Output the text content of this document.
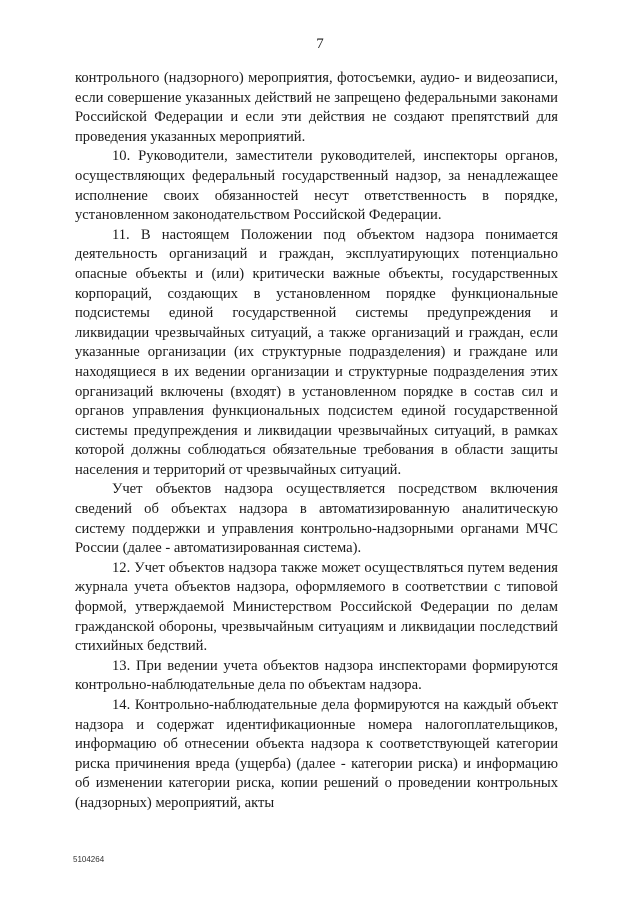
7

контрольного (надзорного) мероприятия, фотосъемки, аудио- и видеозаписи, если совершение указанных действий не запрещено федеральными законами Российской Федерации и если эти действия не создают препятствий для проведения указанных мероприятий.

10. Руководители, заместители руководителей, инспекторы органов, осуществляющих федеральный государственный надзор, за ненадлежащее исполнение своих обязанностей несут ответственность в порядке, установленном законодательством Российской Федерации.

11. В настоящем Положении под объектом надзора понимается деятельность организаций и граждан, эксплуатирующих потенциально опасные объекты и (или) критически важные объекты, государственных корпораций, создающих в установленном порядке функциональные подсистемы единой государственной системы предупреждения и ликвидации чрезвычайных ситуаций, а также организаций и граждан, если указанные организации (их структурные подразделения) и граждане или находящиеся в их ведении организации и структурные подразделения этих организаций включены (входят) в установленном порядке в состав сил и органов управления функциональных подсистем единой государственной системы предупреждения и ликвидации чрезвычайных ситуаций, в рамках которой должны соблюдаться обязательные требования в области защиты населения и территорий от чрезвычайных ситуаций.

Учет объектов надзора осуществляется посредством включения сведений об объектах надзора в автоматизированную аналитическую систему поддержки и управления контрольно-надзорными органами МЧС России (далее - автоматизированная система).

12. Учет объектов надзора также может осуществляться путем ведения журнала учета объектов надзора, оформляемого в соответствии с типовой формой, утверждаемой Министерством Российской Федерации по делам гражданской обороны, чрезвычайным ситуациям и ликвидации последствий стихийных бедствий.

13. При ведении учета объектов надзора инспекторами формируются контрольно-наблюдательные дела по объектам надзора.

14. Контрольно-наблюдательные дела формируются на каждый объект надзора и содержат идентификационные номера налогоплательщиков, информацию об отнесении объекта надзора к соответствующей категории риска причинения вреда (ущерба) (далее - категории риска) и информацию об изменении категории риска, копии решений о проведении контрольных (надзорных) мероприятий, акты

5104264
